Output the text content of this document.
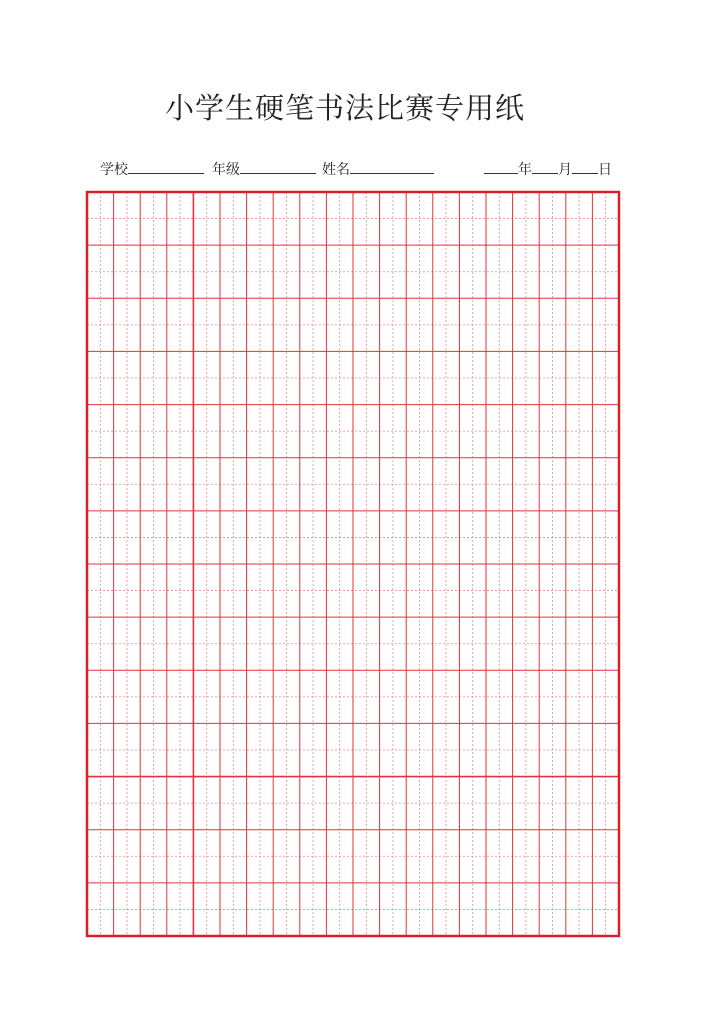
小学生硬笔书法比赛专用纸
学校	年级	姓名	年 月 日
